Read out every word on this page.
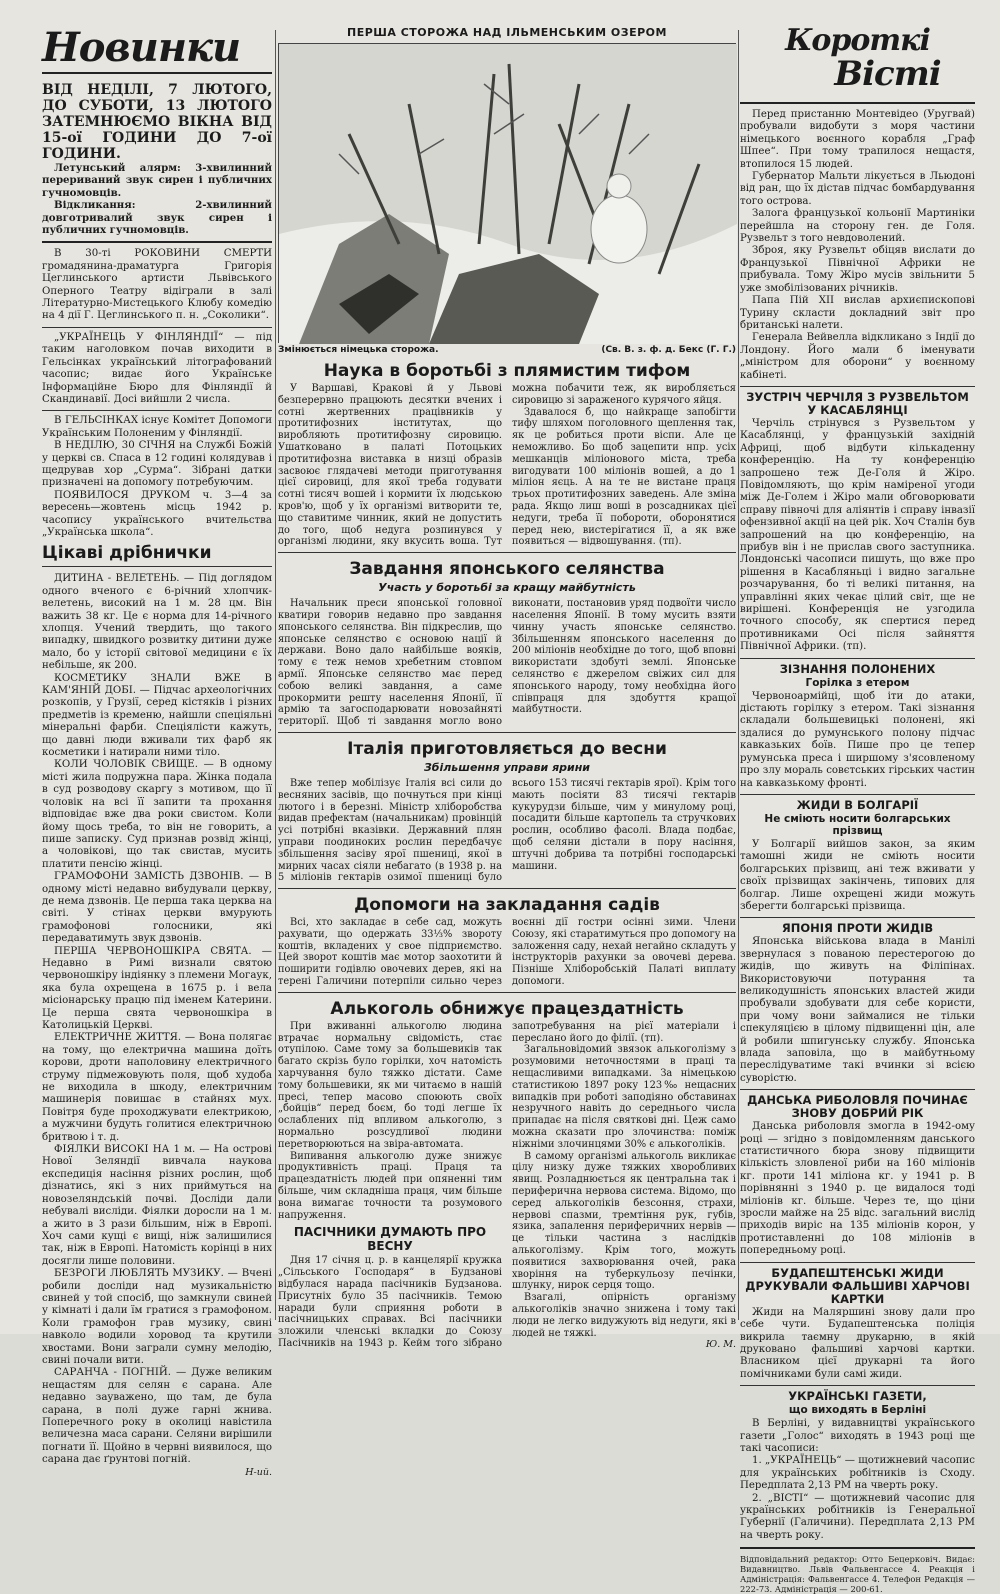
Новинки

ВІД НЕДІЛІ, 7 ЛЮТОГО, ДО СУБОТИ, 13 ЛЮТОГО ЗАТЕМНЮЄМО ВІКНА ВІД 15-ої ГОДИНИ ДО 7-ої ГОДИНИ.

Летунський алярм: 3-хвилинний перериваний звук сирен і публичних гучномовців.

Відкликання: 2-хвилинний довготривалий звук сирен і публичних гучномовців.

В 30-ті РОКОВИНИ СМЕРТИ громадянина-драматурга Григорія Цеглинського артисти Львівського Оперного Театру відіграли в залі Літературно-Мистецького Клюбу комедію на 4 дії Г. Цеглинського п. н. „Соколики“.

„УКРАЇНЕЦЬ У ФІНЛЯНДІЇ“ — під таким наголовком почав виходити в Гельсінках український літографований часопис; видає його Українське Інформаційне Бюро для Фінляндії й Скандинавії. Досі вийшли 2 числа.

В ГЕЛЬСІНКАХ існує Комітет Допомоги Українським Полоненим у Фінляндії.

В НЕДІЛЮ, 30 СІЧНЯ на Службі Божій у церкві св. Спаса в 12 годині колядував і щедрував хор „Сурма“. Зібрані датки призначені на допомогу потребуючим.

ПОЯВИЛОСЯ ДРУКОМ ч. 3—4 за вересень—жовтень місць 1942 р. часопису українського вчительства „Українська школа“.

Цікаві дрібнички

ДИТИНА - ВЕЛЕТЕНЬ. — Під доглядом одного вченого є 6-річний хлопчик-велетень, високий на 1 м. 28 цм. Він важить 38 кг. Це є норма для 14-річного хлопця. Учений твердить, що такого випадку, швидкого розвитку дитини дуже мало, бо у історії світової медицини є їх небільше, як 200.

КОСМЕТИКУ ЗНАЛИ ВЖЕ В КАМ'ЯНІЙ ДОБІ. — Підчас археологічних розкопів, у Грузії, серед кістяків і різних предметів із кременю, найшли спеціяльні мінеральні фарби. Спеціялісти кажуть, що давні люди вживали тих фарб як косметики і натирали ними тіло.

КОЛИ ЧОЛОВІК СВИЩЕ. — В одному місті жила подружна пара. Жінка подала в суд розводову скаргу з мотивом, що її чоловік на всі її запити та прохання відповідає вже два роки свистом. Коли йому щось треба, то він не говорить, а пише записку. Суд признав розвід жінці, а чоловікові, що так свистав, мусить платити пенсію жінці.

ГРАМОФОНИ ЗАМІСТЬ ДЗВОНІВ. — В одному місті недавно вибудували церкву, де нема дзвонів. Це перша така церква на світі. У стінах церкви вмурують грамофонові голосники, які передаватимуть звук дзвонів.

ПЕРША ЧЕРВОНОШКІРА СВЯТА. — Недавно в Римі визнали святою червоношкіру індіянку з племени Могаук, яка була охрещена в 1675 р. і вела місіонарську працю під іменем Катерини. Це перша свята червоношкіра в Католицькій Церкві.

ЕЛЕКТРИЧНЕ ЖИТТЯ. — Вона полягає на тому, що електрична машина доїть корови, дроти наполовину електричного струму підмежовують поля, щоб худоба не виходила в шкоду, електричним машинерія повишає в стайнях мух. Повітря буде проходжувати електрикою, а мужчини будуть голитися електричною бритвою і т. д.

ФІЯЛКИ ВИСОКІ НА 1 м. — На острові Нової Зеляндії вивчала наукова експедиція насіння різних рослин, щоб дізнатись, які з них приймуться на новозеляндській почві. Досліди дали небувалі висліди. Фіялки доросли на 1 м. а жито в 3 рази більшим, ніж в Европі. Хоч сами кущі є вищі, ніж залишилися так, ніж в Европі. Натомість корінці в них досягли лише половини.

БЕЗРОГИ ЛЮБЛЯТЬ МУЗИКУ. — Вчені робили досліди над музикальністю свиней у той спосіб, що замкнули свиней у кімнаті і дали їм гратися з грамофоном. Коли грамофон грав музику, свині навколо водили хоровод та крутили хвостами. Вони заграли сумну мелодію, свині почали вити.

САРАНЧА - ПОГНІЙ. — Дуже великим нещастям для селян є сарана. Але недавно зауважено, що там, де була сарана, в полі дуже гарні жнива. Поперечного року в околиці навістила величезна маса сарани. Селяни вирішили погнати її. Щойно в червні виявилося, що сарана дає ґрунтові погній.

Н-ий.
ПЕРША СТОРОЖА НАД ІЛЬМЕНСЬКИМ ОЗЕРОМ
Змінюється німецька сторожа.	(Св. В. з. ф. д. Бекс (Г. Г.)
Наука в боротьбі з плямистим тифом

У Варшаві, Кракові й у Львові безперервно працюють десятки вчених і сотні жертвенних працівників у протитифозних інститутах, що виробляють протитифозну сировицю. Ушатковано в палаті Потоцьких протитифозна виставка в низці образів засвоює глядачеві методи приготування цієї сировиці, для якої треба годувати сотні тисяч вошей і кормити їх людською кров'ю, щоб у їх організмі витворити те, що ставитиме чинник, який не допустить до того, щоб недуга розпинувся у організмі людини, яку вкусить воша. Тут можна побачити теж, як виробляється сировицю зі зараженого курячого яйця.

Здавалося б, що найкраще запобігти тифу шляхом поголовного щеплення так, як це робиться проти віспи. Але це неможливо. Бо щоб зацепити нпр. усіх мешканців міліонового міста, треба вигодувати 100 міліонів вошей, а до 1 міліон яєць. А на те не вистане праця трьох протитифозних заведень. Але зміна рада. Якщо лиш воші в розсадниках цієї недуги, треба її побороти, оборонятися перед нею, вистерігатися її, а як вже появиться — відвошування. (тп).

Завдання японського селянства
Участь у боротьбі за кращу майбутність

Начальник преси японської головної кватири говорив недавно про завдання японського селянства. Він підкреслив, що японське селянство є основою нації й держави. Воно дало найбільше вояків, тому є теж немов хребетним стовпом армії. Японське селянство має перед собою великі завдання, а саме прокормити решту населення Японії, її армію та загосподарювати новозайняті території. Щоб ті завдання могло воно виконати, постановив уряд подвоїти число населення Японії. В тому мусить взяти чинну участь японське селянство. Збільшенням японського населення до 200 міліонів необхідне до того, щоб вповні використати здобуті землі. Японське селянство є джерелом свіжих сил для японського народу, тому необхідна його співпраця для здобуття кращої майбутности.

Італія приготовляється до весни
Збільшення управи ярини

Вже тепер мобілізує Італія всі сили до весняних засівів, що почнуться при кінці лютого і в березні. Міністр хліборобства видав префектам (начальникам) провінцій усі потрібні вказівки. Державний плян управи поодиноких рослин передбачує збільшення засіву ярої пшениці, якої в мирних часах сіяли небагато (в 1938 р. на 5 міліонів гектарів озимої пшениці було всього 153 тисячі гектарів ярої). Крім того мають посіяти 83 тисячі гектарів кукурудзи більше, чим у минулому році, посадити більше картопель та стручкових рослин, особливо фасолі. Влада подбає, щоб селяни дістали в пору насіння, штучні добрива та потрібні господарські машини.

Допомоги на закладання садів

Всі, хто закладає в себе сад, можуть рахувати, що одержать 33⅓% звороту коштів, вкладених у свое підприємство. Цей зворот коштів має мотор заохотити й поширити годівлю овочевих дерев, які на терені Галичини потерпіли сильно через воєнні дії гостри осінні зими. Члени Союзу, які старатимуться про допомогу на заложення саду, нехай негайно складуть у інструкторів рахунки за овочеві дерева. Пізніше Хліборобській Палаті виплату допомоги.

Алькоголь обнижує працездатність

При вживанні алькоголю людина втрачає нормальну свідомість, стає отупілою. Саме тому за большевиків так багато скрізь було горілки, хоч натомість харчування було тяжко дістати. Саме тому большевики, як ми читаємо в нашій пресі, тепер масово споюють своїх „бойців“ перед боєм, бо тоді легше їх ослаблених під впливом алькоголю, з нормально розсудливої людини перетворюються на звіра-автомата.

Випивання алькоголю дуже знижує продуктивність праці. Праця та працездатність людей при опяненні тим більше, чим складніша праця, чим більше вона вимагає точности та розумового напруження.

ПАСІЧНИКИ ДУМАЮТЬ ПРО ВЕСНУ

Дня 17 січня ц. р. в канцелярії кружка „Сільського Господаря“ в Будзанові відбулася нарада пасічників Будзанова. Присутніх було 35 пасічників. Темою наради були сприяння роботи в пасічницьких справах. Всі пасічники зложили членські вкладки до Союзу Пасічників на 1943 р. Кейм того зібрано запотребування на рієї матеріали і переслано його до філії. (тп).

Загальновідомий звязок алькоголізму з розумовими неточностями в праці та нещасливими випадками. За німецькою статистикою 1897 року 123‰ нещасних випадків при роботі заподіяно обставинах незручного навіть до середнього числа припадає на після святкові дні. Цеж само можна сказати про злочинства: поміж ніжніми злочинцями 30% є алькоголіків.

В самому організмі алькоголь викликає цілу низку дуже тяжких хворобливих явищ. Розладнюється як центральна так і периферична нервова система. Відомо, що серед алькоголіків безсоння, страхи, нервові спазми, тремтіння рук, губів, язика, запалення периферичних нервів — це тільки частина з наслідків алькоголізму. Крім того, можуть появитися захворювання очей, рака хворіння на туберкульозу печінки, шлунку, нирок серця тощо.

Взагалі, опірність організму алькоголіків значно знижена і тому такі люди не легко видужують від недуги, які в людей не тяжкі.

Ю. М.
Короткі
Вісті

Перед пристанню Монтевідео (Уругвай) пробували видобути з моря частини німецького воєнного корабля „Граф Шпее“. При тому трапилося нещастя, втопилося 15 людей.

Губернатор Мальти лікується в Льюдоні від ран, що їх дістав підчас бомбардування того острова.

Залога французької кольонії Мартиніки перейшла на сторону ген. де Голя. Рузвельт з того невдоволений.

Зброя, яку Рузвельт обіцяв вислати до Французької Північної Африки не прибувала. Тому Жіро мусів звільнити 5 уже змобілізованих річників.

Папа Пій XII вислав архиєпископові Турину скласти докладний звіт про британські налети.

Генерала Вейвелла відкликано з Індії до Лондону. Його мали б іменувати „міністром для оборони“ у воєнному кабінеті.

ЗУСТРІЧ ЧЕРЧІЛЯ З РУЗВЕЛЬТОМ У КАСАБЛЯНЦІ

Черчіль стрінувся з Рузвельтом у Касаблянці, у французькій західній Африці, щоб відбути кількаденну конференцію. На ту конференцію запрошено теж Де-Голя й Жіро. Повідомляють, що крім наміреної угоди між Де-Голем і Жіро мали обговорювати справу півночі для аліянтів і справу інвазії офензивної акції на цей рік. Хоч Сталін був запрошений на цю конференцію, на прибув він і не прислав свого заступника. Лондонські часописи пишуть, що вже про рішення в Касабляньці і видно загальне розчарування, бо ті великі питання, на управлінні яких чекає цілий світ, ще не вирішені. Конференція не узгодила точного способу, як спертися перед противниками Осі після зайняття Північної Африки. (тп).

ЗІЗНАННЯ ПОЛОНЕНИХ
Горілка з етером

Червоноармійці, щоб іти до атаки, дістають горілку з етером. Такі зізнання складали большевицькі полонені, які здалися до румунського полону підчас кавказьких боїв. Пише про це тепер румунська преса і ширшому з'ясовленому про злу мораль совєтських гірських частин на кавказькому фронті.

ЖИДИ В БОЛГАРІЇ
Не сміють носити болгарських прізвищ

У Болгарії вийшов закон, за яким тамошні жиди не сміють носити болгарських прізвищ, ані теж вживати у своїх прізвищах закінчень, типових для болгар. Лише охрещені жиди можуть зберегти болгарські прізвища.

ЯПОНІЯ ПРОТИ ЖИДІВ

Японська військова влада в Манілі звернулася з пованою перестерогою до жидів, що живуть на Філіпінах. Використовуючи потурання та великодушність японських властей жиди пробували здобувати для себе користи, при чому вони займалися не тільки спекуляцією в цілому підвищенні цін, але й робили шпигунську службу. Японська влада заповіла, що в майбутньому переслідуватиме такі вчинки зі всією суворістю.

ДАНСЬКА РИБОЛОВЛЯ ПОЧИНАЄ ЗНОВУ ДОБРИЙ РІК

Данська риболовля змогла в 1942-ому році — згідно з повідомленням данського статистичного бюра знову підвищити кількість зловленої риби на 160 міліонів кг. проти 141 міліона кг. у 1941 р. В порівнянні з 1940 р. це видалося тоді міліонів кг. більше. Через те, що ціни зросли майже на 25 відс. загальний вислід приходів виріс на 135 міліонів корон, у протиставленні до 108 міліонів в попередньому році.

БУДАПЕШТЕНСЬКІ ЖИДИ ДРУКУВАЛИ ФАЛЬШИВІ ХАРЧОВІ КАРТКИ

Жиди на Маляршині знову дали про себе чути. Будапештенська поліція викрила таємну друкарню, в якій друковано фальшиві харчові картки. Власником цієї друкарні та його помічниками були самі жиди.

УКРАЇНСЬКІ ГАЗЕТИ,
що виходять в Берліні

В Берліні, у видавництві українського газети „Голос“ виходять в 1943 році ще такі часописи:

1. „УКРАЇНЕЦЬ“ — щотижневий часопис для українських робітників із Сходу. Передплата 2,13 РМ на чверть року.

2. „ВІСТІ“ — щотижневий часопис для українських робітників із Генеральної Губернії (Галичини). Передплата 2,13 РМ на чверть року.

Відповідальний редактор: Отто Бецерковіч. Видає: Видавництво. Львів Фальвенгассе 4. Реакція і Адміністрація: Фальвенгассе 4. Телефон Редакція — 222-73. Адміністрація — 200-61.
